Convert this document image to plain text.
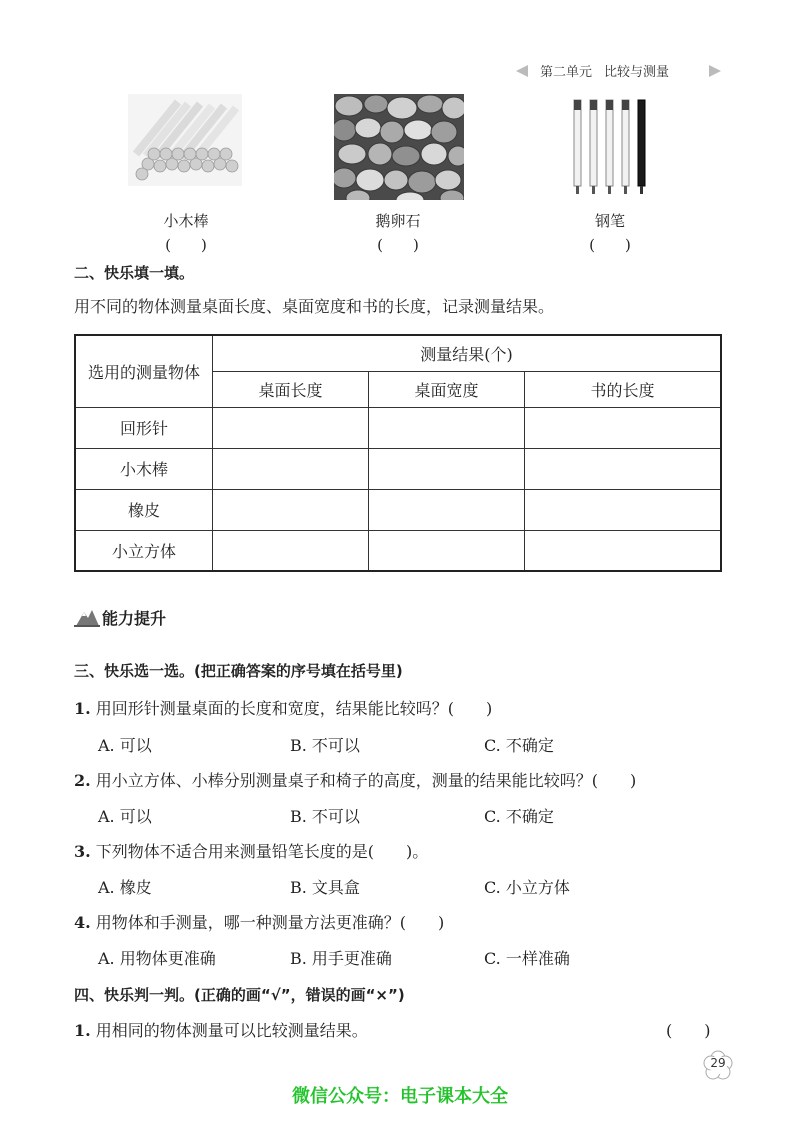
第二单元 比较与测量
小木棒
(　　)
鹅卵石
(　　)
钢笔
(　　)
二、快乐填一填。
用不同的物体测量桌面长度、桌面宽度和书的长度，记录测量结果。
选用的测量物体	测量结果(个)		
	桌面长度	桌面宽度	书的长度
回形针			
小木棒			
橡皮			
小立方体			
能力提升
三、快乐选一选。(把正确答案的序号填在括号里)
1. 用回形针测量桌面的长度和宽度，结果能比较吗？(　　)
A. 可以	B. 不可以	C. 不确定
2. 用小立方体、小棒分别测量桌子和椅子的高度，测量的结果能比较吗？(　　)
A. 可以	B. 不可以	C. 不确定
3. 下列物体不适合用来测量铅笔长度的是(　　)。
A. 橡皮	B. 文具盒	C. 小立方体
4. 用物体和手测量，哪一种测量方法更准确？(　　)
A. 用物体更准确	B. 用手更准确	C. 一样准确
四、快乐判一判。(正确的画“√”，错误的画“×”)
1. 用相同的物体测量可以比较测量结果。	(　　)
29
微信公众号：电子课本大全
